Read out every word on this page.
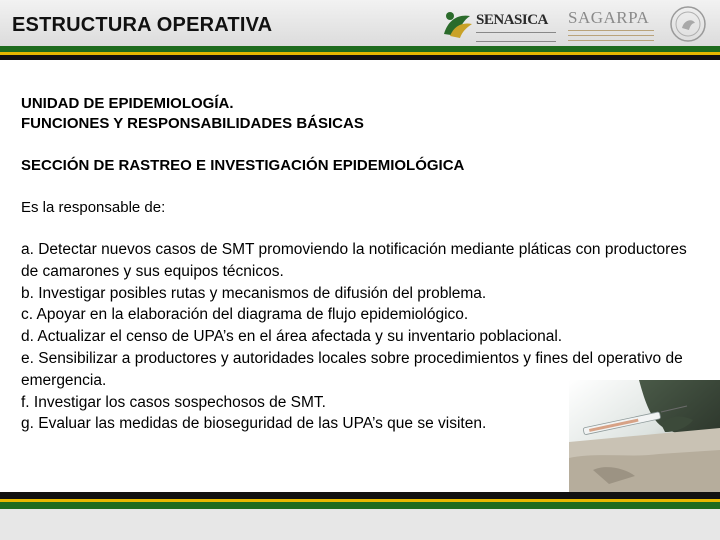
ESTRUCTURA OPERATIVA	SENASICA SAGARPA

UNIDAD DE EPIDEMIOLOGÍA.
FUNCIONES Y RESPONSABILIDADES BÁSICAS

SECCIÓN DE RASTREO E INVESTIGACIÓN EPIDEMIOLÓGICA

Es la responsable de:

a. Detectar nuevos casos de SMT promoviendo la notificación mediante pláticas con productores de camarones y sus equipos técnicos.
b. Investigar posibles rutas y mecanismos de difusión del problema.
c. Apoyar en la elaboración del diagrama de flujo epidemiológico.
d. Actualizar el censo de UPA’s en el área afectada y su inventario poblacional.
e. Sensibilizar a productores y autoridades locales sobre procedimientos y fines del operativo de emergencia.
f. Investigar los casos sospechosos de SMT.
g. Evaluar las medidas de bioseguridad de las UPA’s que se visiten.
